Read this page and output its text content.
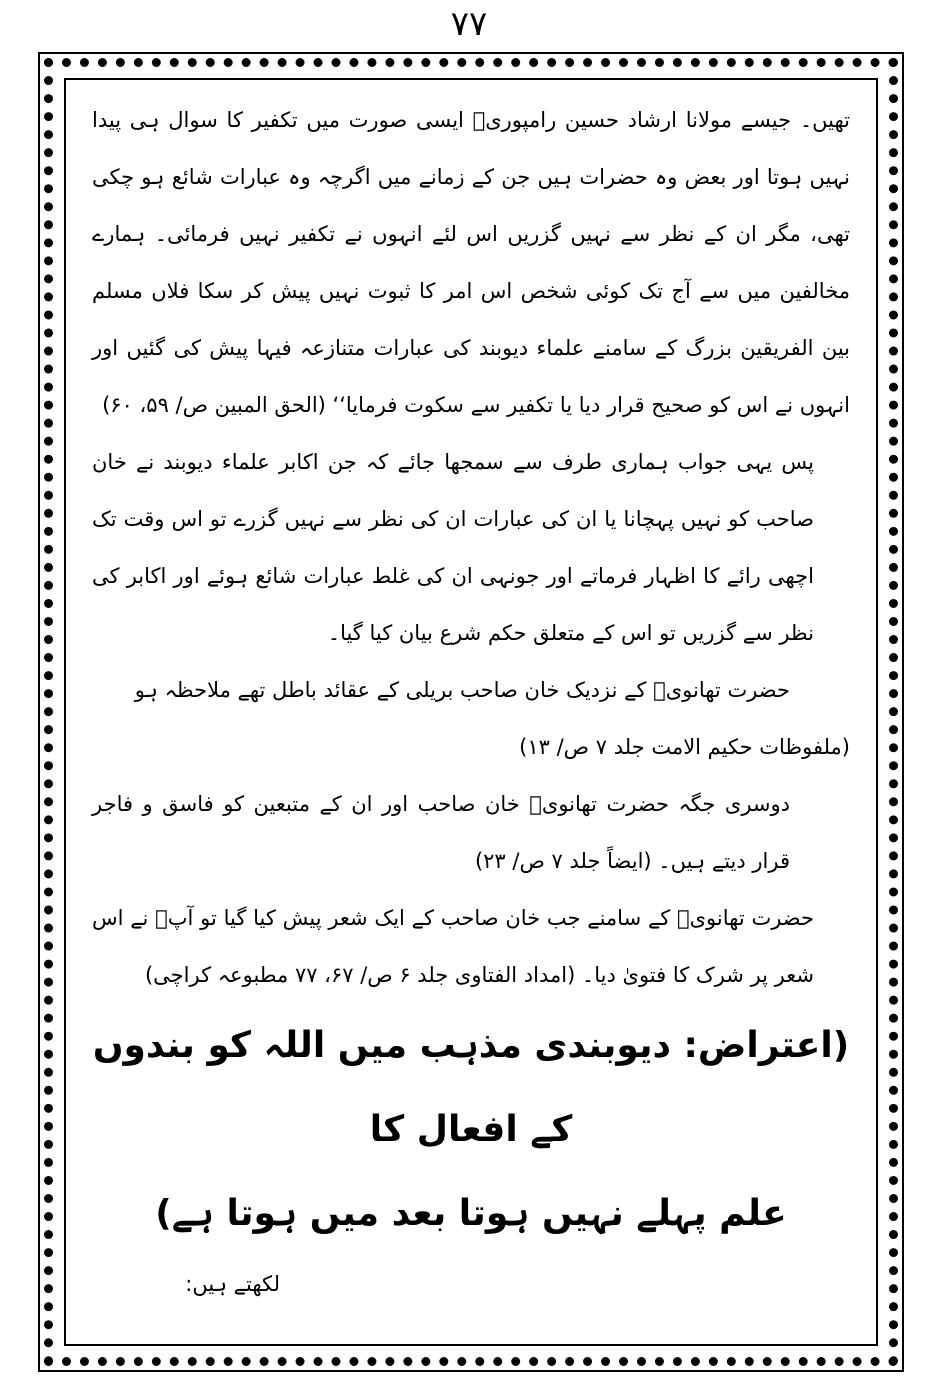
۷۷

تھیں۔ جیسے مولانا ارشاد حسین رامپوریؒ ایسی صورت میں تکفیر کا سوال ہی پیدا نہیں ہوتا اور بعض وہ حضرات ہیں جن کے زمانے میں اگرچہ وہ عبارات شائع ہو چکی تھی، مگر ان کے نظر سے نہیں گزریں اس لئے انہوں نے تکفیر نہیں فرمائی۔ ہمارے مخالفین میں سے آج تک کوئی شخص اس امر کا ثبوت نہیں پیش کر سکا فلاں مسلم بین الفریقین بزرگ کے سامنے علماء دیوبند کی عبارات متنازعہ فیہا پیش کی گئیں اور انہوں نے اس کو صحیح قرار دیا یا تکفیر سے سکوت فرمایا‘‘ (الحق المبین ص/ ۵۹، ۶۰)

پس یہی جواب ہماری طرف سے سمجھا جائے کہ جن اکابر علماء دیوبند نے خان صاحب کو نہیں پہچانا یا ان کی عبارات ان کی نظر سے نہیں گزرے تو اس وقت تک اچھی رائے کا اظہار فرماتے اور جونہی ان کی غلط عبارات شائع ہوئے اور اکابر کی نظر سے گزریں تو اس کے متعلق حکم شرع بیان کیا گیا۔

حضرت تھانویؒ کے نزدیک خان صاحب بریلی کے عقائد باطل تھے ملاحظہ ہو

(ملفوظات حکیم الامت جلد ۷ ص/ ۱۳)

دوسری جگہ حضرت تھانویؒ خان صاحب اور ان کے متبعین کو فاسق و فاجر قرار دیتے ہیں۔ (ایضاً جلد ۷ ص/ ۲۳)

حضرت تھانویؒ کے سامنے جب خان صاحب کے ایک شعر پیش کیا گیا تو آپؒ نے اس شعر پر شرک کا فتویٰ دیا۔ (امداد الفتاوی جلد ۶ ص/ ۶۷، ۷۷ مطبوعہ کراچی)

(اعتراض: دیوبندی مذہب میں اللہ کو بندوں کے افعال کا

علم پہلے نہیں ہوتا بعد میں ہوتا ہے)

لکھتے ہیں:
